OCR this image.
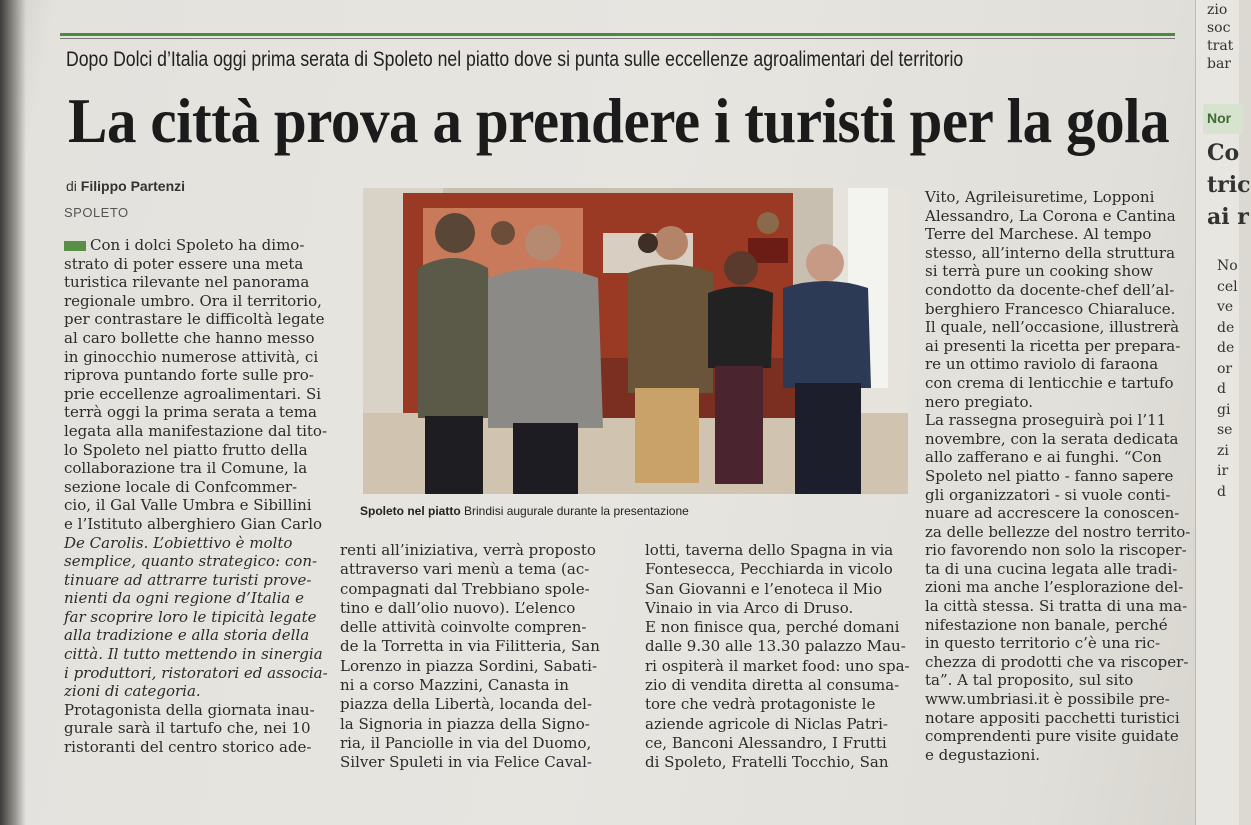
Dopo Dolci d’Italia oggi prima serata di Spoleto nel piatto dove si punta sulle eccellenze agroalimentari del territorio
La città prova a prendere i turisti per la gola
di Filippo Partenzi
SPOLETO
Con i dolci Spoleto ha dimo-
strato di poter essere una meta
turistica rilevante nel panorama
regionale umbro. Ora il territorio,
per contrastare le difficoltà legate
al caro bollette che hanno messo
in ginocchio numerose attività, ci
riprova puntando forte sulle pro-
prie eccellenze agroalimentari. Si
terrà oggi la prima serata a tema
legata alla manifestazione dal tito-
lo Spoleto nel piatto frutto della
collaborazione tra il Comune, la
sezione locale di Confcommer-
cio, il Gal Valle Umbra e Sibillini
e l’Istituto alberghiero Gian Carlo
De Carolis. L’obiettivo è molto
semplice, quanto strategico: con-
tinuare ad attrarre turisti prove-
nienti da ogni regione d’Italia e
far scoprire loro le tipicità legate
alla tradizione e alla storia della
città. Il tutto mettendo in sinergia
i produttori, ristoratori ed associa-
zioni di categoria.
Protagonista della giornata inau-
gurale sarà il tartufo che, nei 10
ristoranti del centro storico ade-
Spoleto nel piatto Brindisi augurale durante la presentazione
renti all’iniziativa, verrà proposto
attraverso vari menù a tema (ac-
compagnati dal Trebbiano spole-
tino e dall’olio nuovo). L’elenco
delle attività coinvolte compren-
de la Torretta in via Filitteria, San
Lorenzo in piazza Sordini, Sabati-
ni a corso Mazzini, Canasta in
piazza della Libertà, locanda del-
la Signoria in piazza della Signo-
ria, il Panciolle in via del Duomo,
Silver Spuleti in via Felice Caval-
lotti, taverna dello Spagna in via
Fontesecca, Pecchiarda in vicolo
San Giovanni e l’enoteca il Mio
Vinaio in via Arco di Druso.
E non finisce qua, perché domani
dalle 9.30 alle 13.30 palazzo Mau-
ri ospiterà il market food: uno spa-
zio di vendita diretta al consuma-
tore che vedrà protagoniste le
aziende agricole di Niclas Patri-
ce, Banconi Alessandro, I Frutti
di Spoleto, Fratelli Tocchio, San
Vito, Agrileisuretime, Lopponi
Alessandro, La Corona e Cantina
Terre del Marchese. Al tempo
stesso, all’interno della struttura
si terrà pure un cooking show
condotto da docente-chef dell’al-
berghiero Francesco Chiaraluce.
Il quale, nell’occasione, illustrerà
ai presenti la ricetta per prepara-
re un ottimo raviolo di faraona
con crema di lenticchie e tartufo
nero pregiato.
La rassegna proseguirà poi l’11
novembre, con la serata dedicata
allo zafferano e ai funghi. “Con
Spoleto nel piatto - fanno sapere
gli organizzatori - si vuole conti-
nuare ad accrescere la conoscen-
za delle bellezze del nostro territo-
rio favorendo non solo la riscoper-
ta di una cucina legata alle tradi-
zioni ma anche l’esplorazione del-
la città stessa. Si tratta di una ma-
nifestazione non banale, perché
in questo territorio c’è una ric-
chezza di prodotti che va riscoper-
ta”. A tal proposito, sul sito
www.umbriasi.it è possibile pre-
notare appositi pacchetti turistici
comprendenti pure visite guidate
e degustazioni.
zio
soc
trat
bar
Nor
Co
tric
ai r
No
cel
ve
de
de
or
d
gi
se
zi
ir
d
